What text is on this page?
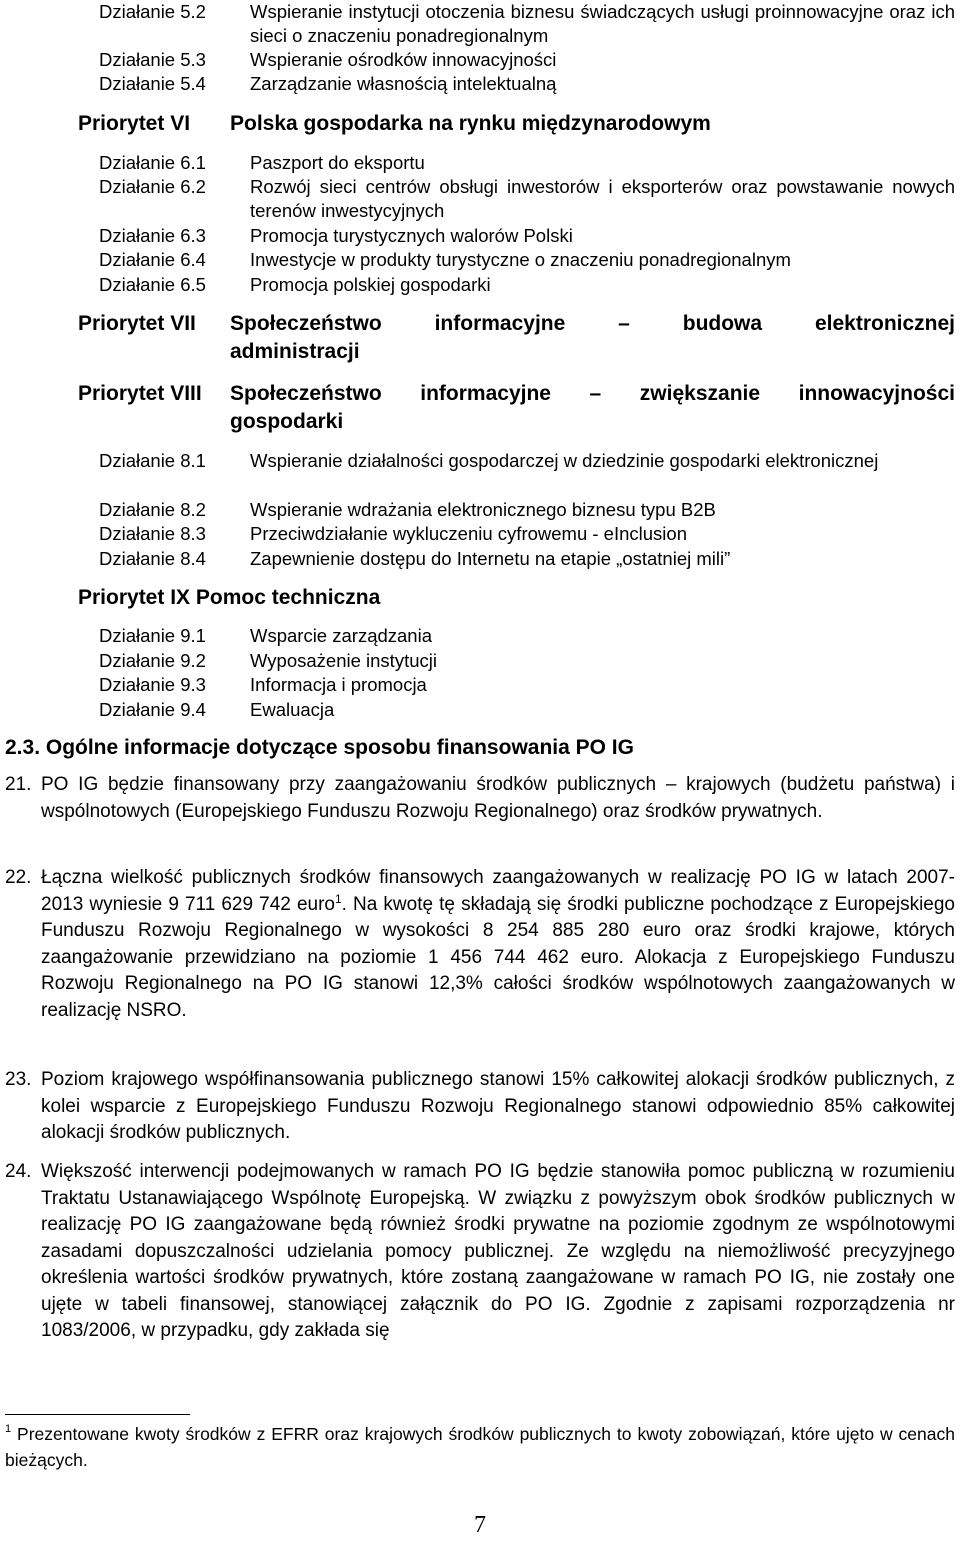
Działanie 5.2 Wspieranie instytucji otoczenia biznesu świadczących usługi proinnowacyjne oraz ich sieci o znaczeniu ponadregionalnym
Działanie 5.3 Wspieranie ośrodków innowacyjności
Działanie 5.4 Zarządzanie własnością intelektualną
Priorytet VI Polska gospodarka na rynku międzynarodowym
Działanie 6.1 Paszport do eksportu
Działanie 6.2 Rozwój sieci centrów obsługi inwestorów i eksporterów oraz powstawanie nowych terenów inwestycyjnych
Działanie 6.3 Promocja turystycznych walorów Polski
Działanie 6.4 Inwestycje w produkty turystyczne o znaczeniu ponadregionalnym
Działanie 6.5 Promocja polskiej gospodarki
Priorytet VII Społeczeństwo informacyjne – budowa elektronicznej
administracji
Priorytet VIII Społeczeństwo informacyjne – zwiększanie innowacyjności
gospodarki
Działanie 8.1 Wspieranie działalności gospodarczej w dziedzinie gospodarki elektronicznej
Działanie 8.2 Wspieranie wdrażania elektronicznego biznesu typu B2B
Działanie 8.3 Przeciwdziałanie wykluczeniu cyfrowemu - eInclusion
Działanie 8.4 Zapewnienie dostępu do Internetu na etapie „ostatniej mili”
Priorytet IX Pomoc techniczna
Działanie 9.1 Wsparcie zarządzania
Działanie 9.2 Wyposażenie instytucji
Działanie 9.3 Informacja i promocja
Działanie 9.4 Ewaluacja
2.3. Ogólne informacje dotyczące sposobu finansowania PO IG
21. PO IG będzie finansowany przy zaangażowaniu środków publicznych – krajowych (budżetu państwa) i wspólnotowych (Europejskiego Funduszu Rozwoju Regionalnego) oraz środków prywatnych.
22. Łączna wielkość publicznych środków finansowych zaangażowanych w realizację PO IG w latach 2007-2013 wyniesie 9 711 629 742 euro$^1$. Na kwotę tę składają się środki publiczne pochodzące z Europejskiego Funduszu Rozwoju Regionalnego w wysokości 8 254 885 280 euro oraz środki krajowe, których zaangażowanie przewidziano na poziomie 1 456 744 462 euro. Alokacja z Europejskiego Funduszu Rozwoju Regionalnego na PO IG stanowi 12,3% całości środków wspólnotowych zaangażowanych w realizację NSRO.
23. Poziom krajowego współfinansowania publicznego stanowi 15% całkowitej alokacji środków publicznych, z kolei wsparcie z Europejskiego Funduszu Rozwoju Regionalnego stanowi odpowiednio 85% całkowitej alokacji środków publicznych.
24. Większość interwencji podejmowanych w ramach PO IG będzie stanowiła pomoc publiczną w rozumieniu Traktatu Ustanawiającego Wspólnotę Europejską. W związku z powyższym obok środków publicznych w realizację PO IG zaangażowane będą również środki prywatne na poziomie zgodnym ze wspólnotowymi zasadami dopuszczalności udzielania pomocy publicznej. Ze względu na niemożliwość precyzyjnego określenia wartości środków prywatnych, które zostaną zaangażowane w ramach PO IG, nie zostały one ujęte w tabeli finansowej, stanowiącej załącznik do PO IG. Zgodnie z zapisami rozporządzenia nr 1083/2006, w przypadku, gdy zakłada się
$^1$ Prezentowane kwoty środków z EFRR oraz krajowych środków publicznych to kwoty zobowiązań, które ujęto w cenach bieżących.
7
